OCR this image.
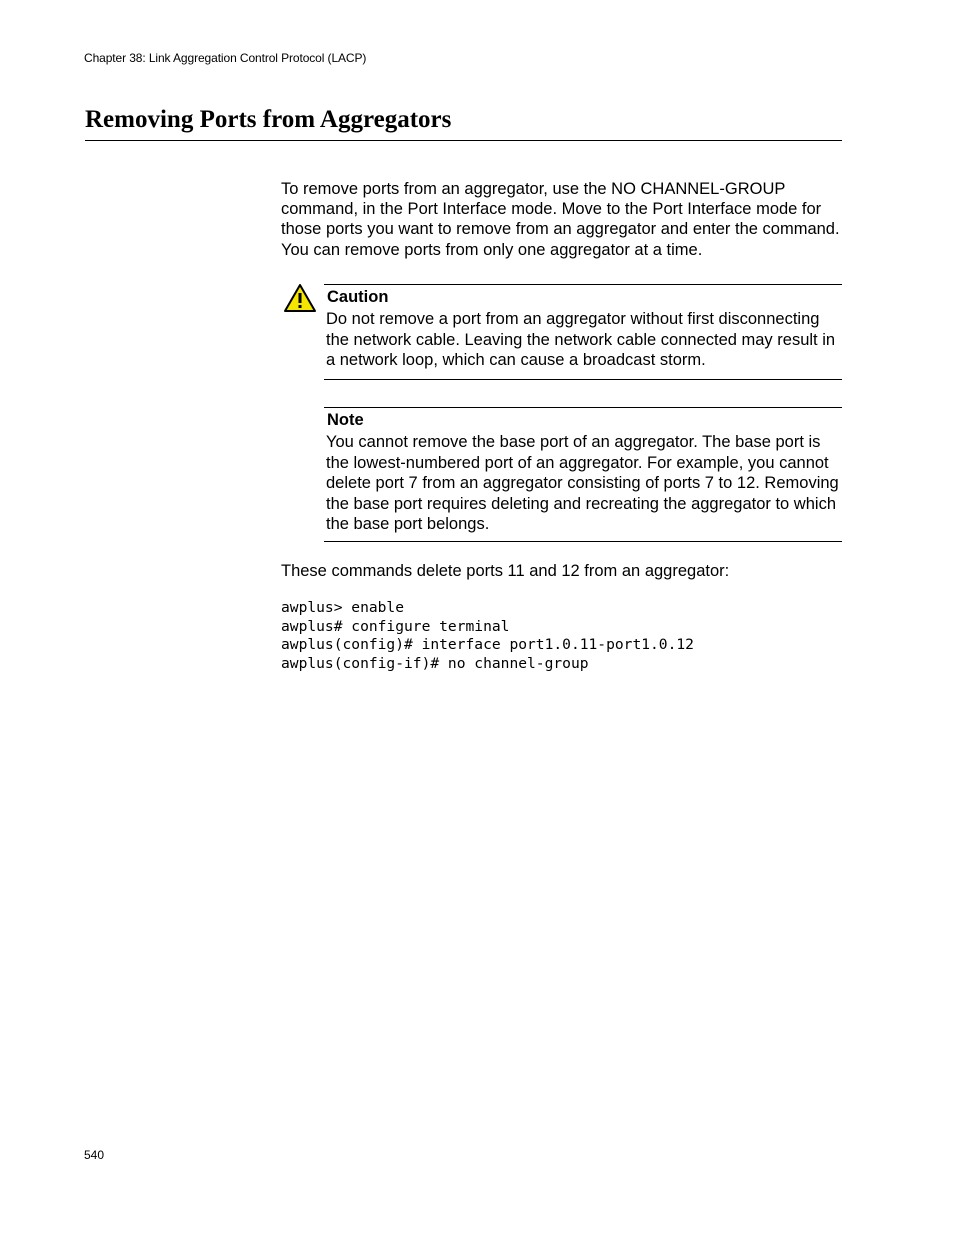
Chapter 38: Link Aggregation Control Protocol (LACP)
Removing Ports from Aggregators

To remove ports from an aggregator, use the NO CHANNEL-GROUP command, in the Port Interface mode. Move to the Port Interface mode for those ports you want to remove from an aggregator and enter the command. You can remove ports from only one aggregator at a time.

Caution

Do not remove a port from an aggregator without first disconnecting the network cable. Leaving the network cable connected may result in a network loop, which can cause a broadcast storm.

Note

You cannot remove the base port of an aggregator. The base port is the lowest-numbered port of an aggregator. For example, you cannot delete port 7 from an aggregator consisting of ports 7 to 12. Removing the base port requires deleting and recreating the aggregator to which the base port belongs.

These commands delete ports 11 and 12 from an aggregator:

awplus> enable
awplus# configure terminal
awplus(config)# interface port1.0.11-port1.0.12
awplus(config-if)# no channel-group
540
